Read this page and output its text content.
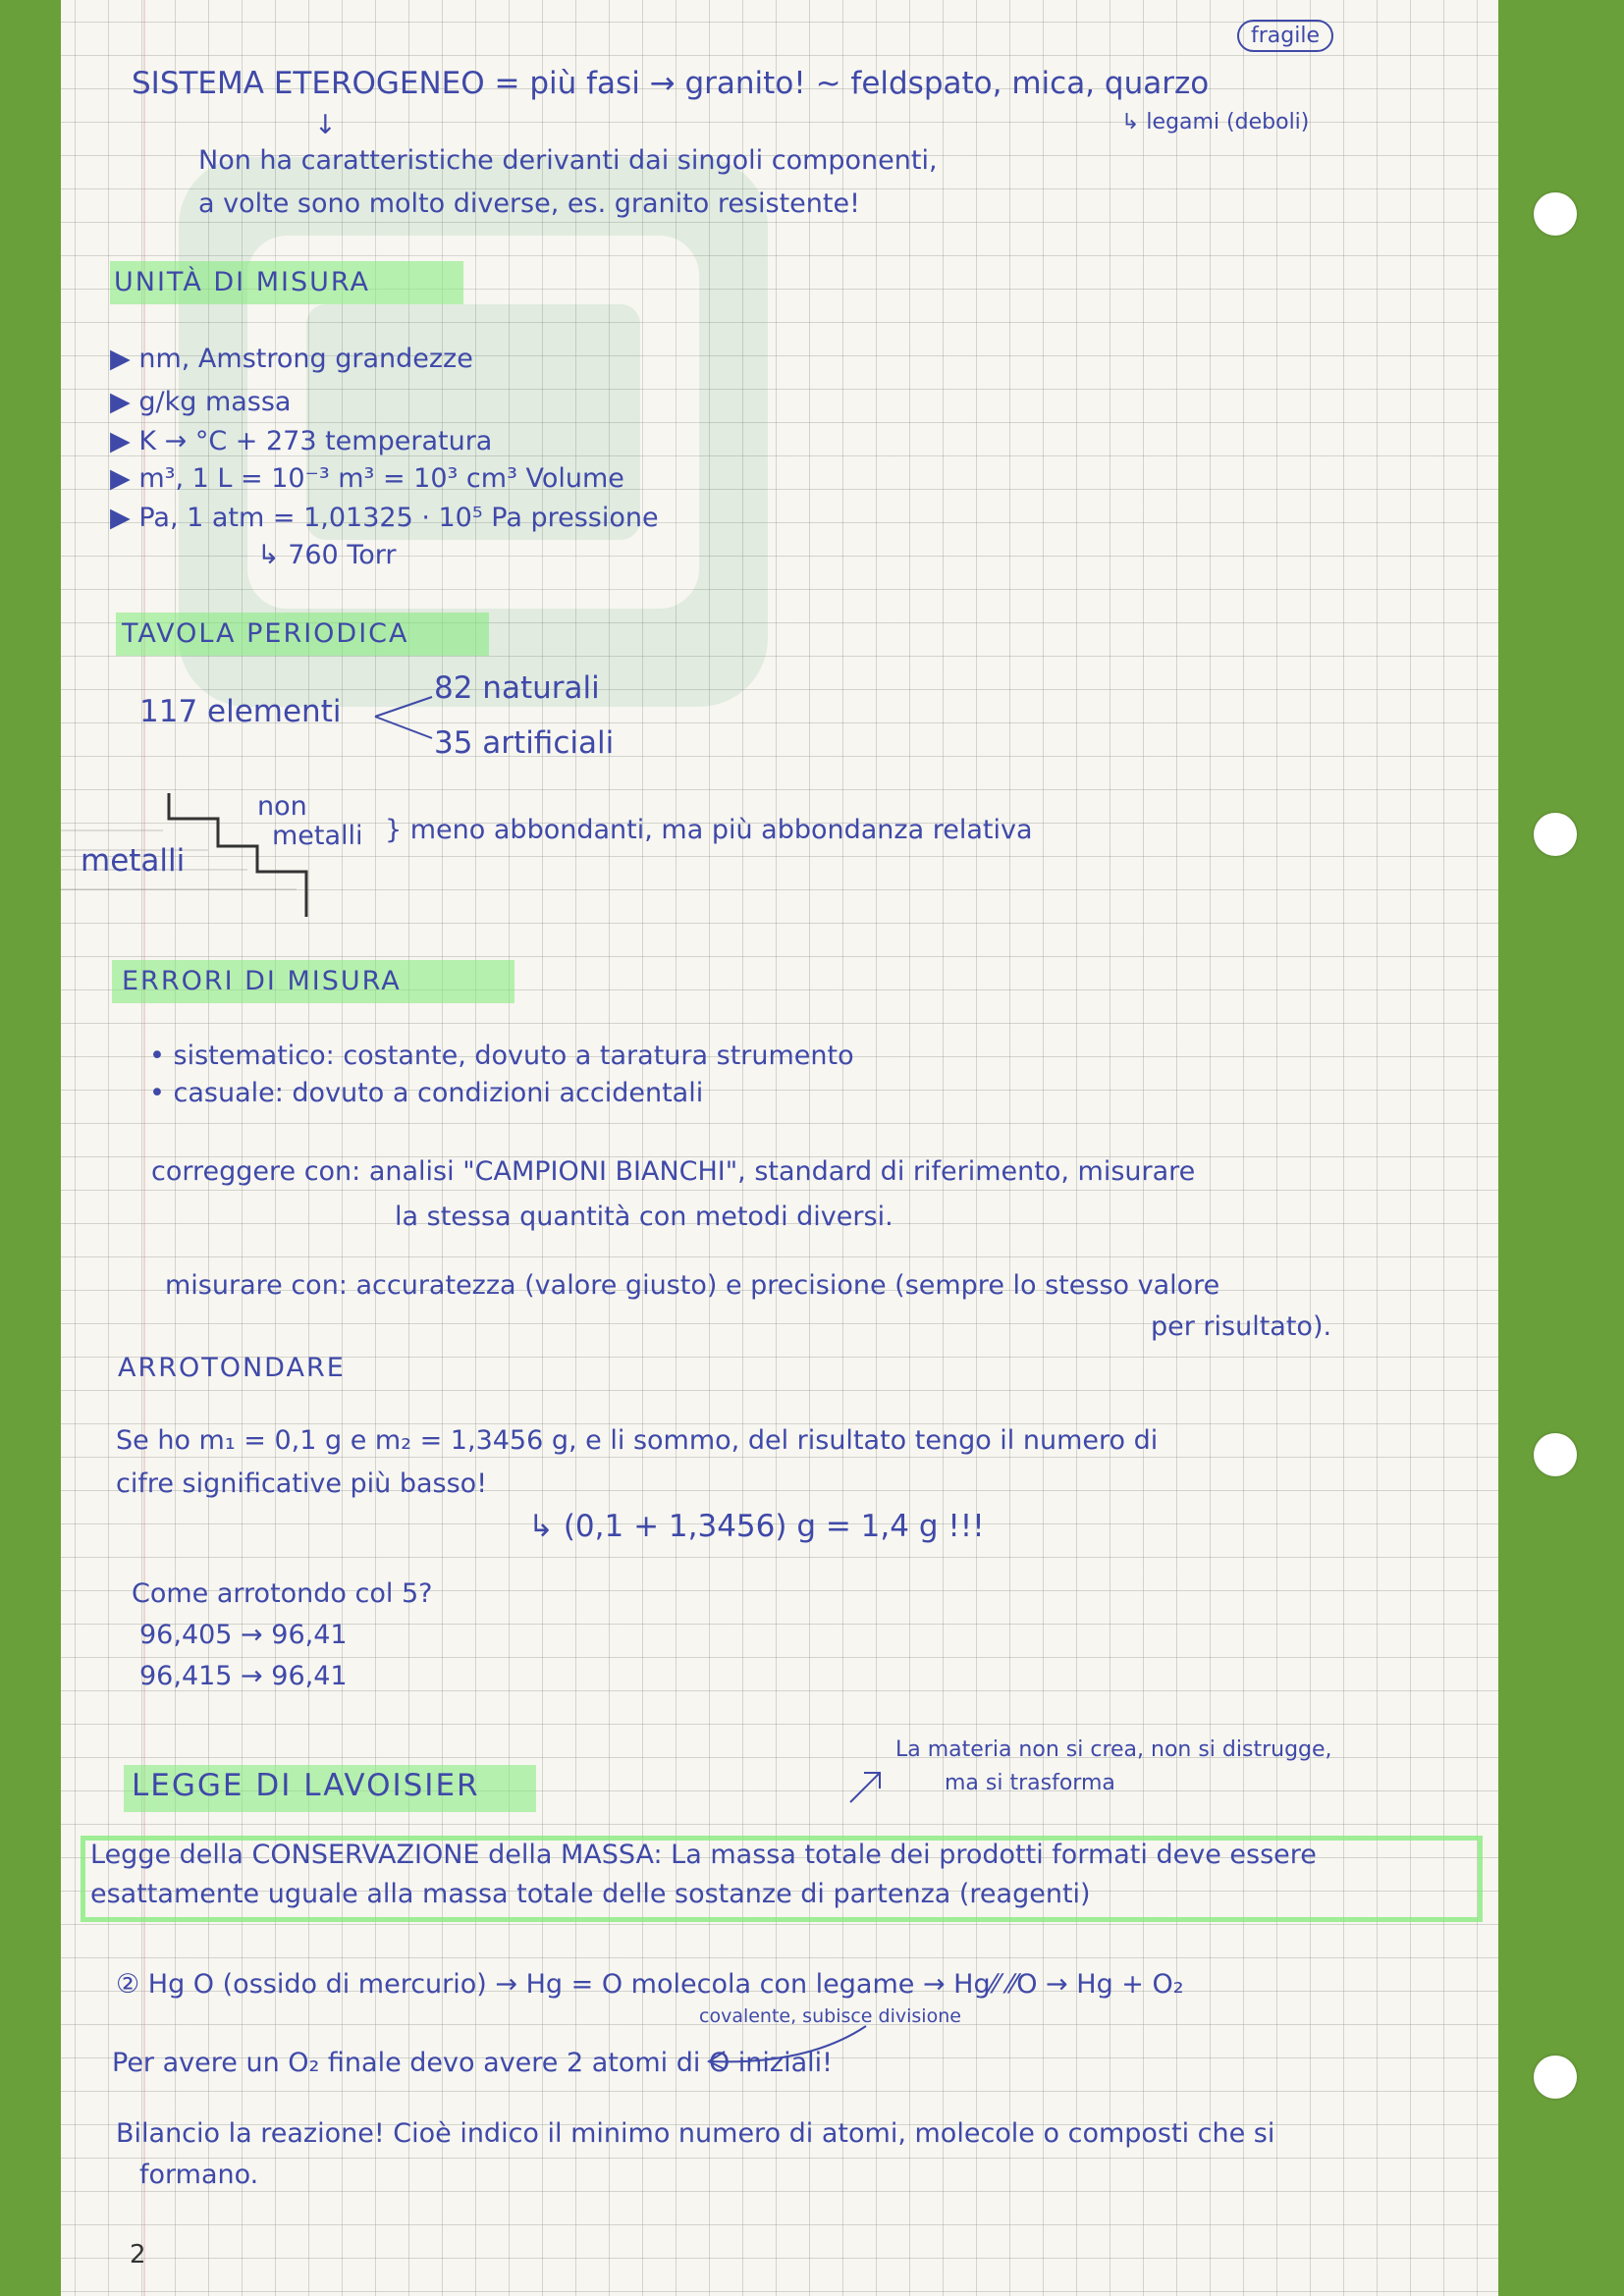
SISTEMA ETEROGENEO = più fasi → granito! ~ feldspato, mica, quarzo
fragile
↳ legami (deboli)
↓
Non ha caratteristiche derivanti dai singoli componenti,
a volte sono molto diverse, es. granito resistente!
UNITÀ DI MISURA
▶ nm, Amstrong grandezze
▶ g/kg massa
▶ K → °C + 273 temperatura
▶ m³, 1 L = 10⁻³ m³ = 10³ cm³ Volume
▶ Pa, 1 atm = 1,01325 · 10⁵ Pa pressione
↳ 760 Torr
TAVOLA PERIODICA
117 elementi
82 naturali
35 artificiali
non
metalli
metalli
} meno abbondanti, ma più abbondanza relativa
ERRORI DI MISURA
• sistematico: costante, dovuto a taratura strumento
• casuale: dovuto a condizioni accidentali
correggere con: analisi "CAMPIONI BIANCHI", standard di riferimento, misurare
la stessa quantità con metodi diversi.
misurare con: accuratezza (valore giusto) e precisione (sempre lo stesso valore
per risultato).
ARROTONDARE
Se ho m₁ = 0,1 g e m₂ = 1,3456 g, e li sommo, del risultato tengo il numero di
cifre significative più basso!
↳ (0,1 + 1,3456) g = 1,4 g !!!
Come arrotondo col 5?
96,405 → 96,41
96,415 → 96,41
LEGGE DI LAVOISIER
La materia non si crea, non si distrugge,
ma si trasforma
Legge della CONSERVAZIONE della MASSA: La massa totale dei prodotti formati deve essere
esattamente uguale alla massa totale delle sostanze di partenza (reagenti)
② Hg O (ossido di mercurio) → Hg = O molecola con legame → Hg⁄⁄ ⁄⁄O → Hg + O₂
covalente, subisce divisione
Per avere un O₂ finale devo avere 2 atomi di O iniziali!
Bilancio la reazione! Cioè indico il minimo numero di atomi, molecole o composti che si
formano.
2
